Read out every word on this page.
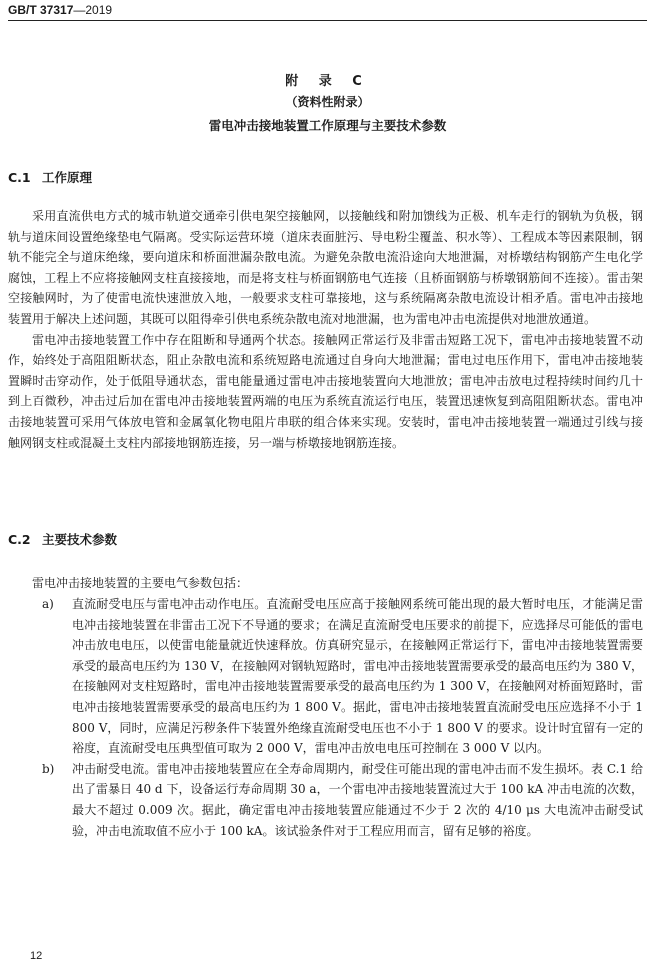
GB/T 37317—2019
附 录 C
（资料性附录）
雷电冲击接地装置工作原理与主要技术参数
C.1 工作原理

采用直流供电方式的城市轨道交通牵引供电架空接触网，以接触线和附加馈线为正极、机车走行的钢轨为负极，钢轨与道床间设置绝缘垫电气隔离。受实际运营环境（道床表面脏污、导电粉尘覆盖、积水等）、工程成本等因素限制，钢轨不能完全与道床绝缘，要向道床和桥面泄漏杂散电流。为避免杂散电流沿途向大地泄漏，对桥墩结构钢筋产生电化学腐蚀，工程上不应将接触网支柱直接接地，而是将支柱与桥面钢筋电气连接（且桥面钢筋与桥墩钢筋间不连接）。雷击架空接触网时，为了使雷电流快速泄放入地，一般要求支柱可靠接地，这与系统隔离杂散电流设计相矛盾。雷电冲击接地装置用于解决上述问题，其既可以阻得牵引供电系统杂散电流对地泄漏，也为雷电冲击电流提供对地泄放通道。

雷电冲击接地装置工作中存在阻断和导通两个状态。接触网正常运行及非雷击短路工况下，雷电冲击接地装置不动作，始终处于高阻阻断状态，阻止杂散电流和系统短路电流通过自身向大地泄漏；雷电过电压作用下，雷电冲击接地装置瞬时击穿动作，处于低阻导通状态，雷电能量通过雷电冲击接地装置向大地泄放；雷电冲击放电过程持续时间约几十到上百微秒，冲击过后加在雷电冲击接地装置两端的电压为系统直流运行电压，装置迅速恢复到高阻阻断状态。雷电冲击接地装置可采用气体放电管和金属氧化物电阻片串联的组合体来实现。安装时，雷电冲击接地装置一端通过引线与接触网钢支柱或混凝土支柱内部接地钢筋连接，另一端与桥墩接地钢筋连接。

C.2 主要技术参数

雷电冲击接地装置的主要电气参数包括：

a) 直流耐受电压与雷电冲击动作电压。直流耐受电压应高于接触网系统可能出现的最大暂时电压，才能满足雷电冲击接地装置在非雷击工况下不导通的要求；在满足直流耐受电压要求的前提下，应选择尽可能低的雷电冲击放电电压，以使雷电能量就近快速释放。仿真研究显示，在接触网正常运行下，雷电冲击接地装置需要承受的最高电压约为 130 V，在接触网对钢轨短路时，雷电冲击接地装置需要承受的最高电压约为 380 V，在接触网对支柱短路时，雷电冲击接地装置需要承受的最高电压约为 1 300 V，在接触网对桥面短路时，雷电冲击接地装置需要承受的最高电压约为 1 800 V。据此，雷电冲击接地装置直流耐受电压应选择不小于 1 800 V，同时，应满足污秽条件下装置外绝缘直流耐受电压也不小于 1 800 V 的要求。设计时宜留有一定的裕度，直流耐受电压典型值可取为 2 000 V，雷电冲击放电电压可控制在 3 000 V 以内。
b) 冲击耐受电流。雷电冲击接地装置应在全寿命周期内，耐受住可能出现的雷电冲击而不发生损坏。表 C.1 给出了雷暴日 40 d 下，设备运行寿命周期 30 a，一个雷电冲击接地装置流过大于 100 kA 冲击电流的次数，最大不超过 0.009 次。据此，确定雷电冲击接地装置应能通过不少于 2 次的 4/10 μs 大电流冲击耐受试验，冲击电流取值不应小于 100 kA。该试验条件对于工程应用而言，留有足够的裕度。
12
